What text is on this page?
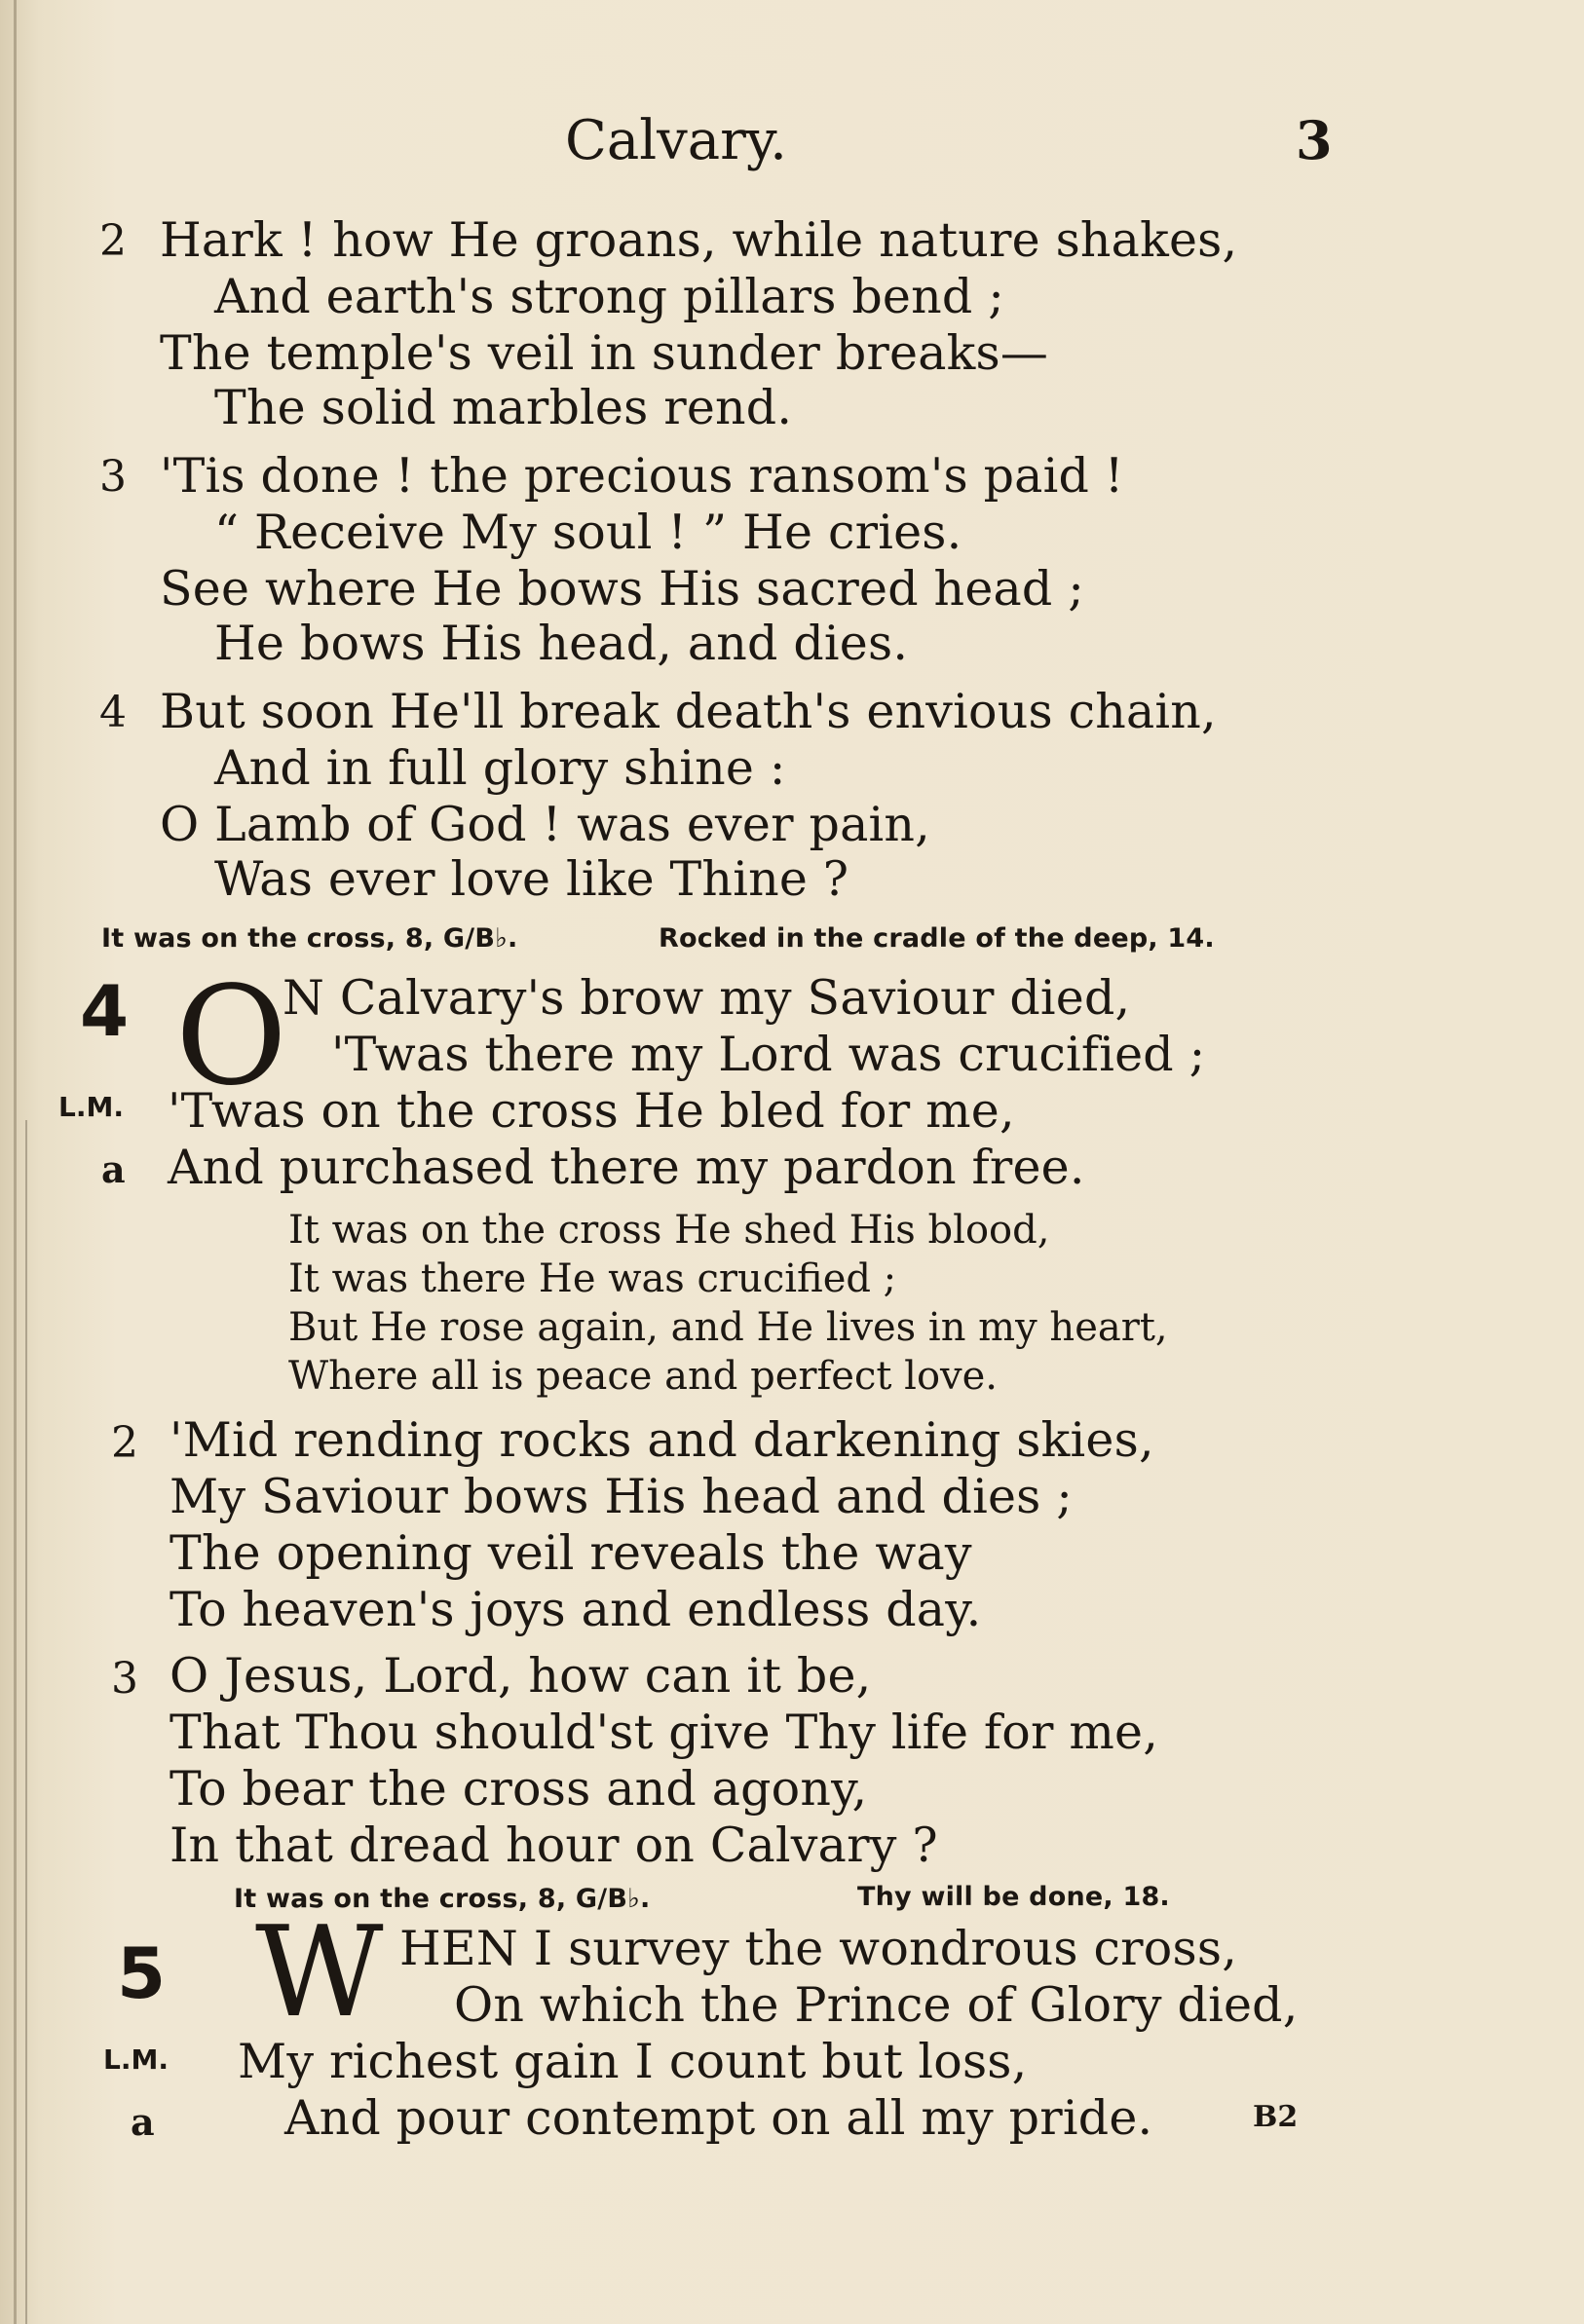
Calvary.	3
2 Hark ! how He groans, while nature shakes,
And earth's strong pillars bend ;
The temple's veil in sunder breaks—
The solid marbles rend.
3 'Tis done ! the precious ransom's paid !
“ Receive My soul ! ” He cries.
See where He bows His sacred head ;
He bows His head, and dies.
4 But soon He'll break death's envious chain,
And in full glory shine :
O Lamb of God ! was ever pain,
Was ever love like Thine ?
It was on the cross, 8, G/B♭.	Rocked in the cradle of the deep, 14.
4 O
N Calvary's brow my Saviour died,
'Twas there my Lord was crucified ;
L.M. 'Twas on the cross He bled for me,
a And purchased there my pardon free.
It was on the cross He shed His blood,
It was there He was crucified ;
But He rose again, and He lives in my heart,
Where all is peace and perfect love.
2 'Mid rending rocks and darkening skies,
My Saviour bows His head and dies ;
The opening veil reveals the way
To heaven's joys and endless day.
3 O Jesus, Lord, how can it be,
That Thou should'st give Thy life for me,
To bear the cross and agony,
In that dread hour on Calvary ?
It was on the cross, 8, G/B♭.	Thy will be done, 18.
5 W HEN I survey the wondrous cross,
On which the Prince of Glory died,
L.M. My richest gain I count but loss,
a	And pour contempt on all my pride.	B2
